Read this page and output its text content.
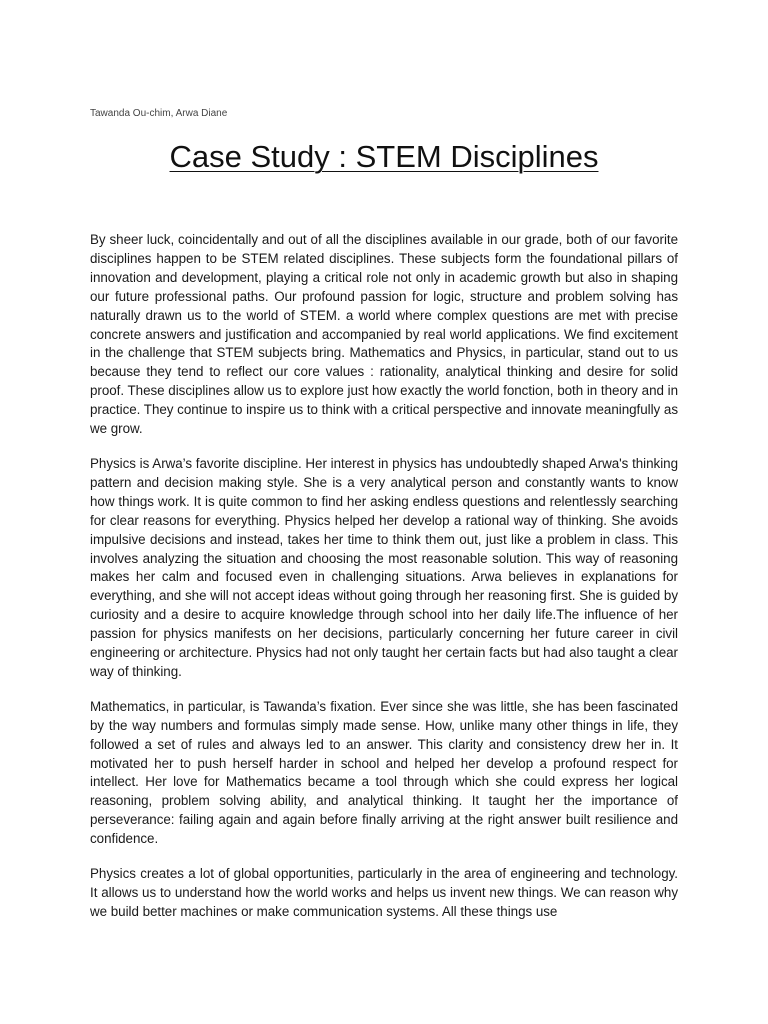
Tawanda Ou-chim, Arwa Diane
Case Study : STEM Disciplines

By sheer luck, coincidentally and out of all the disciplines available in our grade, both of our favorite disciplines happen to be STEM related disciplines. These subjects form the foundational pillars of innovation and development, playing a critical role not only in academic growth but also in shaping our future professional paths. Our profound passion for logic, structure and problem solving has naturally drawn us to the world of STEM. a world where complex questions are met with precise concrete answers and justification and accompanied by real world applications. We find excitement in the challenge that STEM subjects bring. Mathematics and Physics, in particular, stand out to us because they tend to reflect our core values : rationality, analytical thinking and desire for solid proof. These disciplines allow us to explore just how exactly the world fonction, both in theory and in practice. They continue to inspire us to think with a critical perspective and innovate meaningfully as we grow.

Physics is Arwa’s favorite discipline. Her interest in physics has undoubtedly shaped Arwa's thinking pattern and decision making style. She is a very analytical person and constantly wants to know how things work. It is quite common to find her asking endless questions and relentlessly searching for clear reasons for everything. Physics helped her develop a rational way of thinking. She avoids impulsive decisions and instead, takes her time to think them out, just like a problem in class. This involves analyzing the situation and choosing the most reasonable solution. This way of reasoning makes her calm and focused even in challenging situations. Arwa believes in explanations for everything, and she will not accept ideas without going through her reasoning first. She is guided by curiosity and a desire to acquire knowledge through school into her daily life.The influence of her passion for physics manifests on her decisions, particularly concerning her future career in civil engineering or architecture. Physics had not only taught her certain facts but had also taught a clear way of thinking.

Mathematics, in particular, is Tawanda’s fixation. Ever since she was little, she has been fascinated by the way numbers and formulas simply made sense. How, unlike many other things in life, they followed a set of rules and always led to an answer. This clarity and consistency drew her in. It motivated her to push herself harder in school and helped her develop a profound respect for intellect. Her love for Mathematics became a tool through which she could express her logical reasoning, problem solving ability, and analytical thinking. It taught her the importance of perseverance: failing again and again before finally arriving at the right answer built resilience and confidence.

Physics creates a lot of global opportunities, particularly in the area of engineering and technology. It allows us to understand how the world works and helps us invent new things. We can reason why we build better machines or make communication systems. All these things use
